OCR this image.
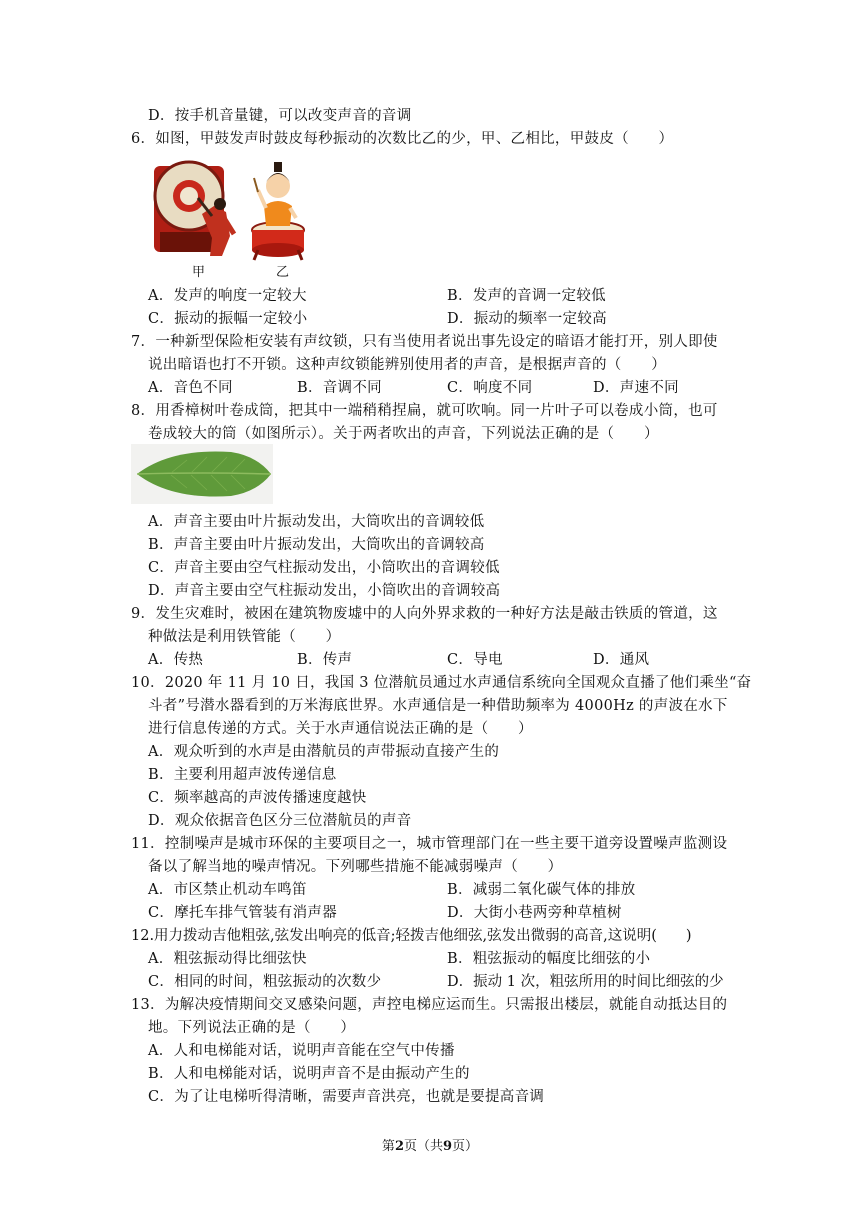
D．按手机音量键，可以改变声音的音调
6．如图，甲鼓发声时鼓皮每秒振动的次数比乙的少，甲、乙相比，甲鼓皮（　　）
甲	乙
A．发声的响度一定较大	B．发声的音调一定较低
C．振动的振幅一定较小	D．振动的频率一定较高
7．一种新型保险柜安装有声纹锁，只有当使用者说出事先设定的暗语才能打开，别人即使
说出暗语也打不开锁。这种声纹锁能辨别使用者的声音，是根据声音的（　　）
A．音色不同	B．音调不同	C．响度不同	D．声速不同
8．用香樟树叶卷成筒，把其中一端稍稍捏扁，就可吹响。同一片叶子可以卷成小筒，也可
卷成较大的筒（如图所示）。关于两者吹出的声音，下列说法正确的是（　　）
A．声音主要由叶片振动发出，大筒吹出的音调较低
B．声音主要由叶片振动发出，大筒吹出的音调较高
C．声音主要由空气柱振动发出，小筒吹出的音调较低
D．声音主要由空气柱振动发出，小筒吹出的音调较高
9．发生灾难时，被困在建筑物废墟中的人向外界求救的一种好方法是敲击铁质的管道，这
种做法是利用铁管能（　　）
A．传热	B．传声	C．导电	D．通风
10．2020 年 11 月 10 日，我国 3 位潜航员通过水声通信系统向全国观众直播了他们乘坐“奋
斗者”号潜水器看到的万米海底世界。水声通信是一种借助频率为 4000Hz 的声波在水下
进行信息传递的方式。关于水声通信说法正确的是（　　）
A．观众听到的水声是由潜航员的声带振动直接产生的
B．主要利用超声波传递信息
C．频率越高的声波传播速度越快
D．观众依据音色区分三位潜航员的声音
11．控制噪声是城市环保的主要项目之一，城市管理部门在一些主要干道旁设置噪声监测设
备以了解当地的噪声情况。下列哪些措施不能减弱噪声（　　）
A．市区禁止机动车鸣笛	B．减弱二氧化碳气体的排放
C．摩托车排气管装有消声器	D．大街小巷两旁种草植树
12.用力拨动吉他粗弦,弦发出响亮的低音;轻拨吉他细弦,弦发出微弱的高音,这说明(　　)
A．粗弦振动得比细弦快	B．粗弦振动的幅度比细弦的小
C．相同的时间，粗弦振动的次数少	D．振动 1 次，粗弦所用的时间比细弦的少
13．为解决疫情期间交叉感染问题，声控电梯应运而生。只需报出楼层，就能自动抵达目的
地。下列说法正确的是（　　）
A．人和电梯能对话，说明声音能在空气中传播
B．人和电梯能对话，说明声音不是由振动产生的
C．为了让电梯听得清晰，需要声音洪亮，也就是要提高音调
第2页（共9页）
